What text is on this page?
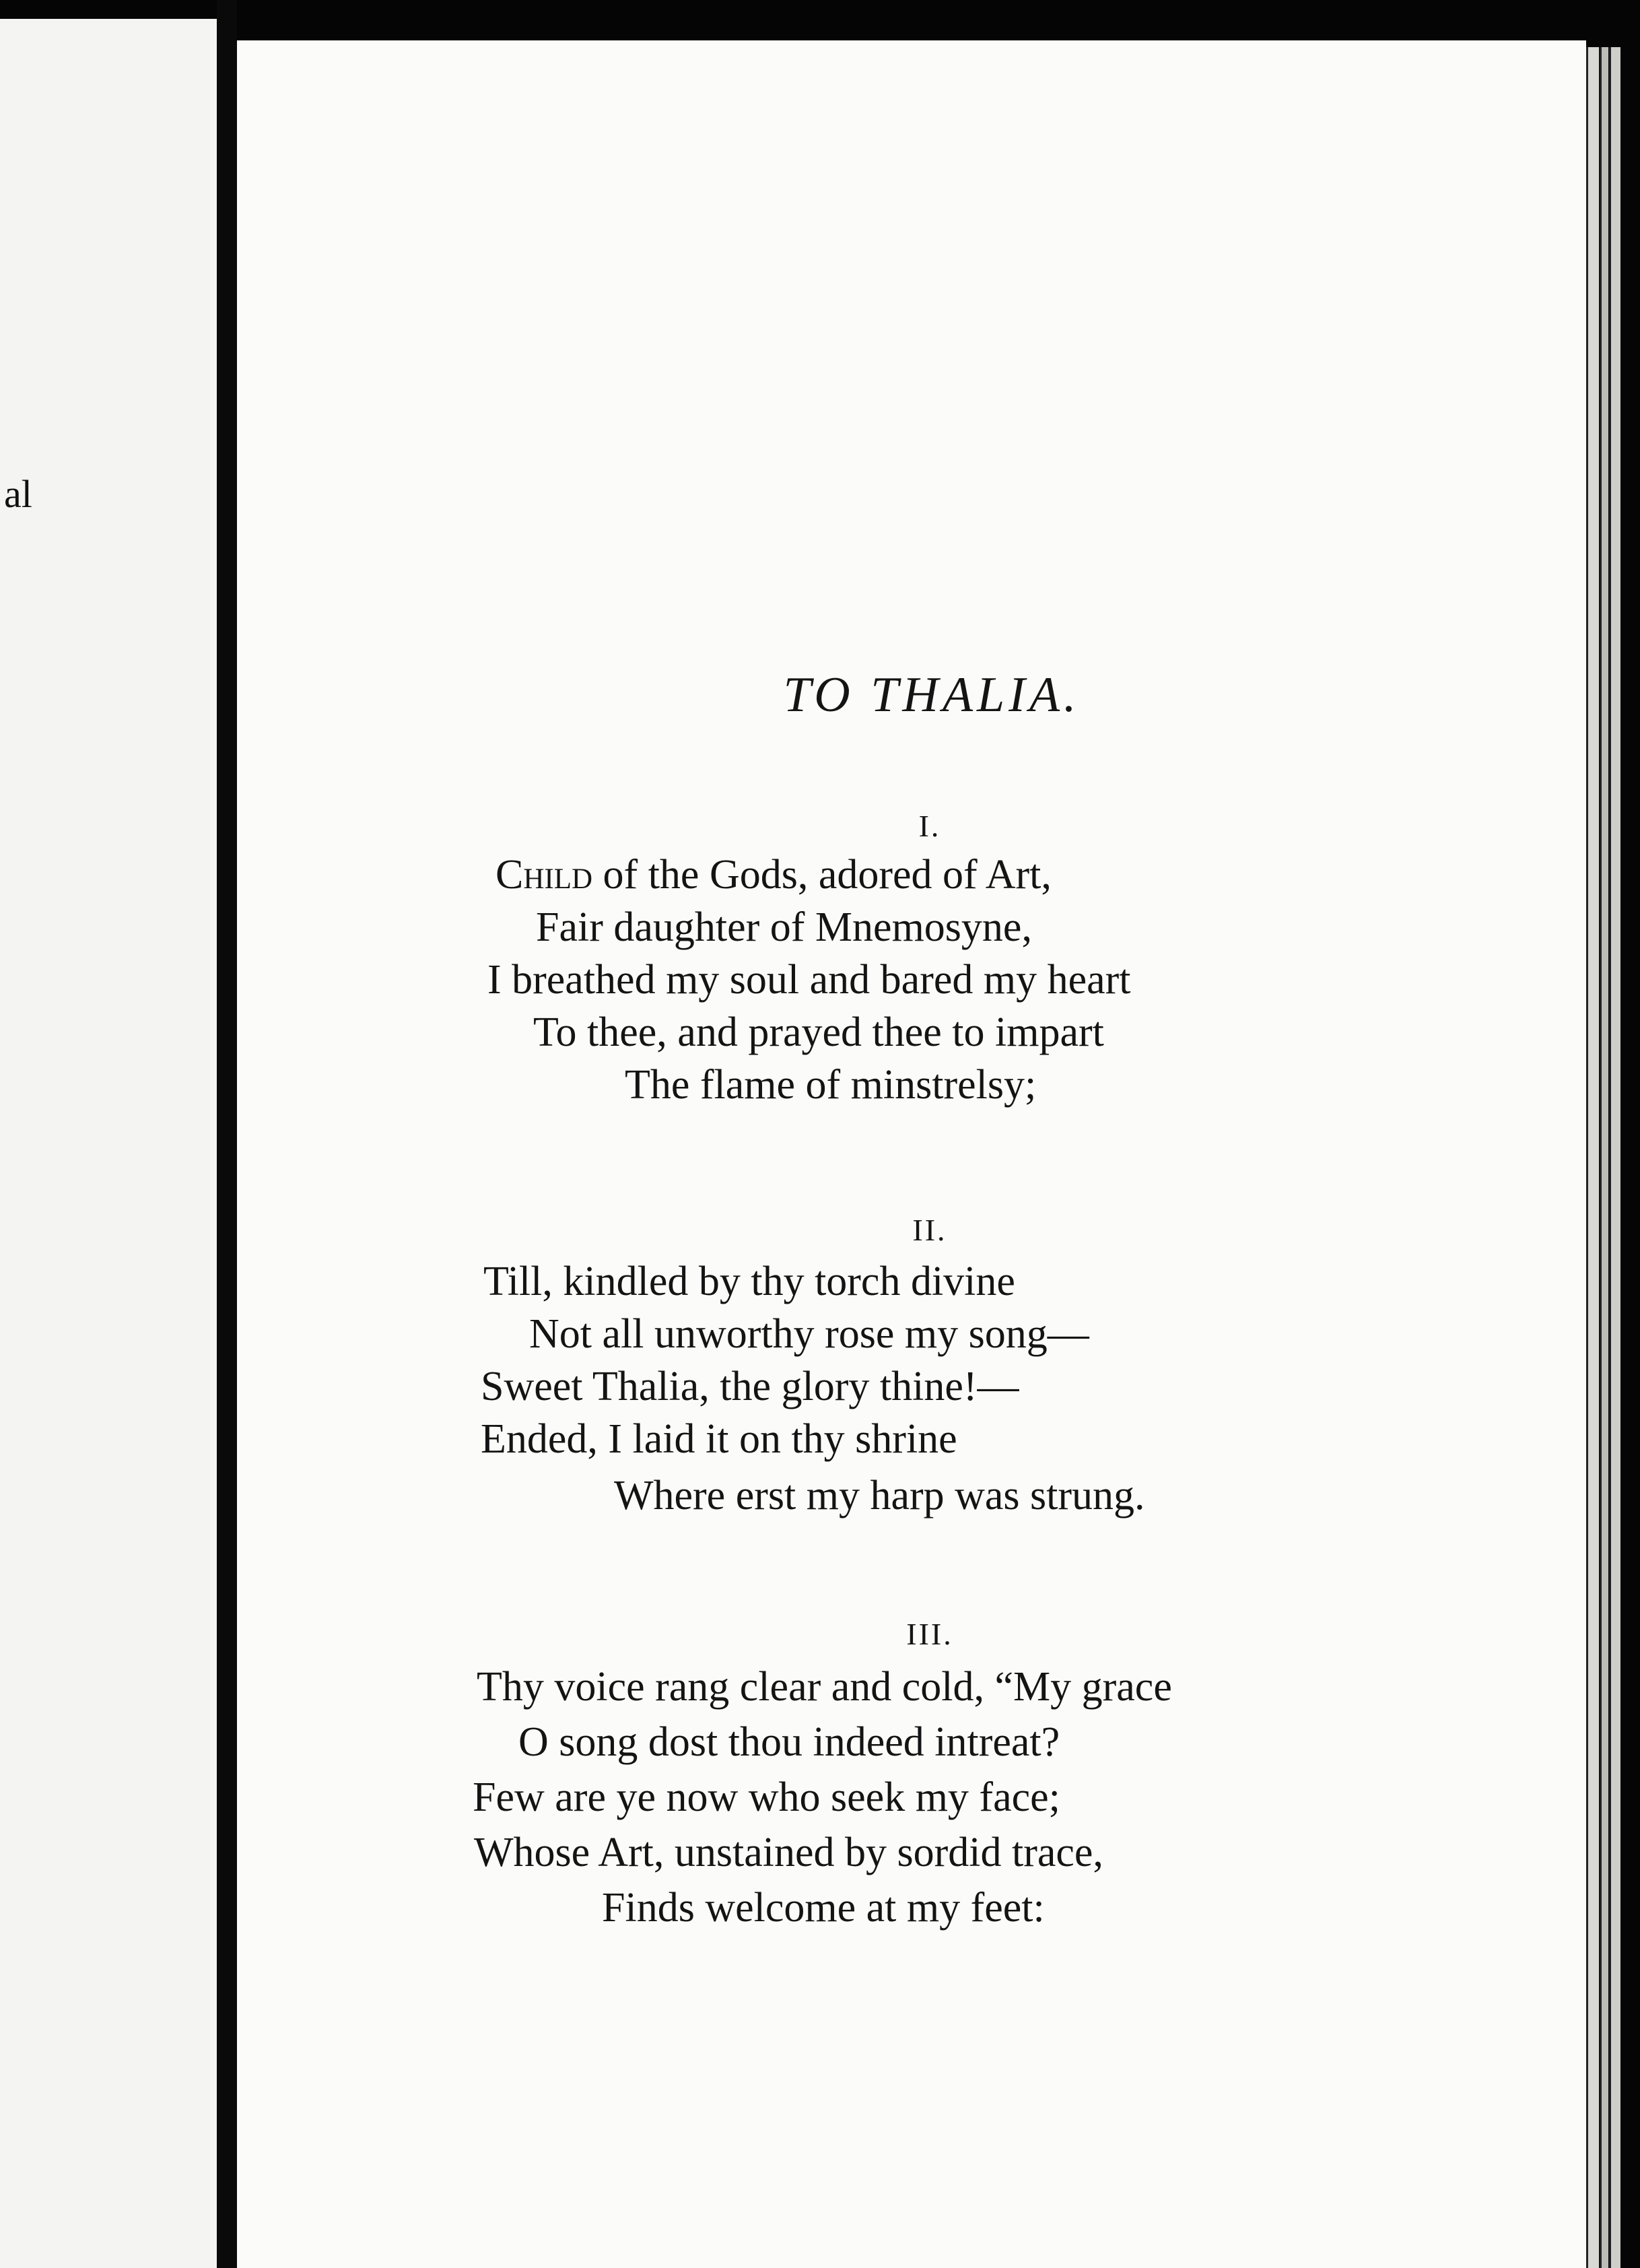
al
TO THALIA.
I.
Child of the Gods, adored of Art,
Fair daughter of Mnemosyne,
I breathed my soul and bared my heart
To thee, and prayed thee to impart
The flame of minstrelsy;
II.
Till, kindled by thy torch divine
Not all unworthy rose my song—
Sweet Thalia, the glory thine!—
Ended, I laid it on thy shrine
Where erst my harp was strung.
III.
Thy voice rang clear and cold, “My grace
O song dost thou indeed intreat?
Few are ye now who seek my face;
Whose Art, unstained by sordid trace,
Finds welcome at my feet:
